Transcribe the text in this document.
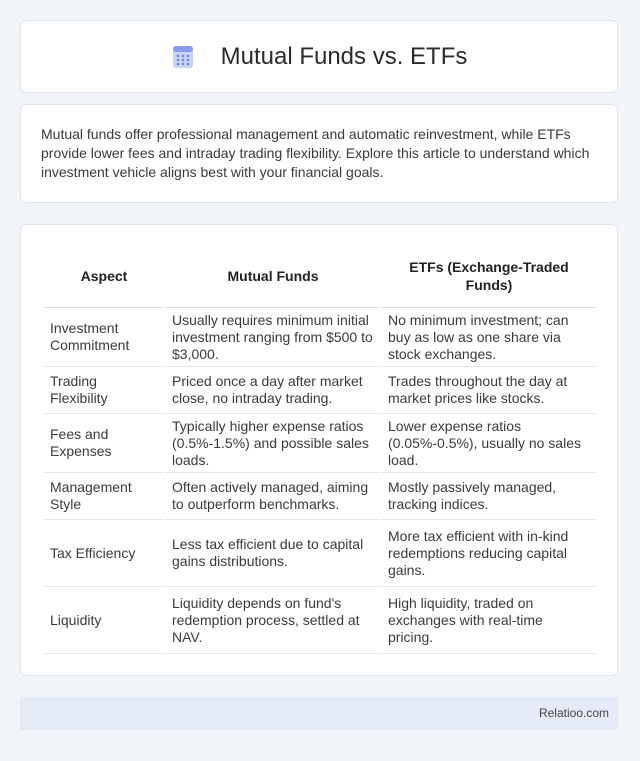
Mutual Funds vs. ETFs

Mutual funds offer professional management and automatic reinvestment, while ETFs provide lower fees and intraday trading flexibility. Explore this article to understand which investment vehicle aligns best with your financial goals.

Aspect	Mutual Funds	ETFs (Exchange-Traded Funds)
Investment Commitment	Usually requires minimum initial investment ranging from $500 to $3,000.	No minimum investment; can buy as low as one share via stock exchanges.
Trading Flexibility	Priced once a day after market close, no intraday trading.	Trades throughout the day at market prices like stocks.
Fees and Expenses	Typically higher expense ratios (0.5%-1.5%) and possible sales loads.	Lower expense ratios (0.05%-0.5%), usually no sales load.
Management Style	Often actively managed, aiming to outperform benchmarks.	Mostly passively managed, tracking indices.
Tax Efficiency	Less tax efficient due to capital gains distributions.	More tax efficient with in-kind redemptions reducing capital gains.
Liquidity	Liquidity depends on fund's redemption process, settled at NAV.	High liquidity, traded on exchanges with real-time pricing.
Relatioo.com
